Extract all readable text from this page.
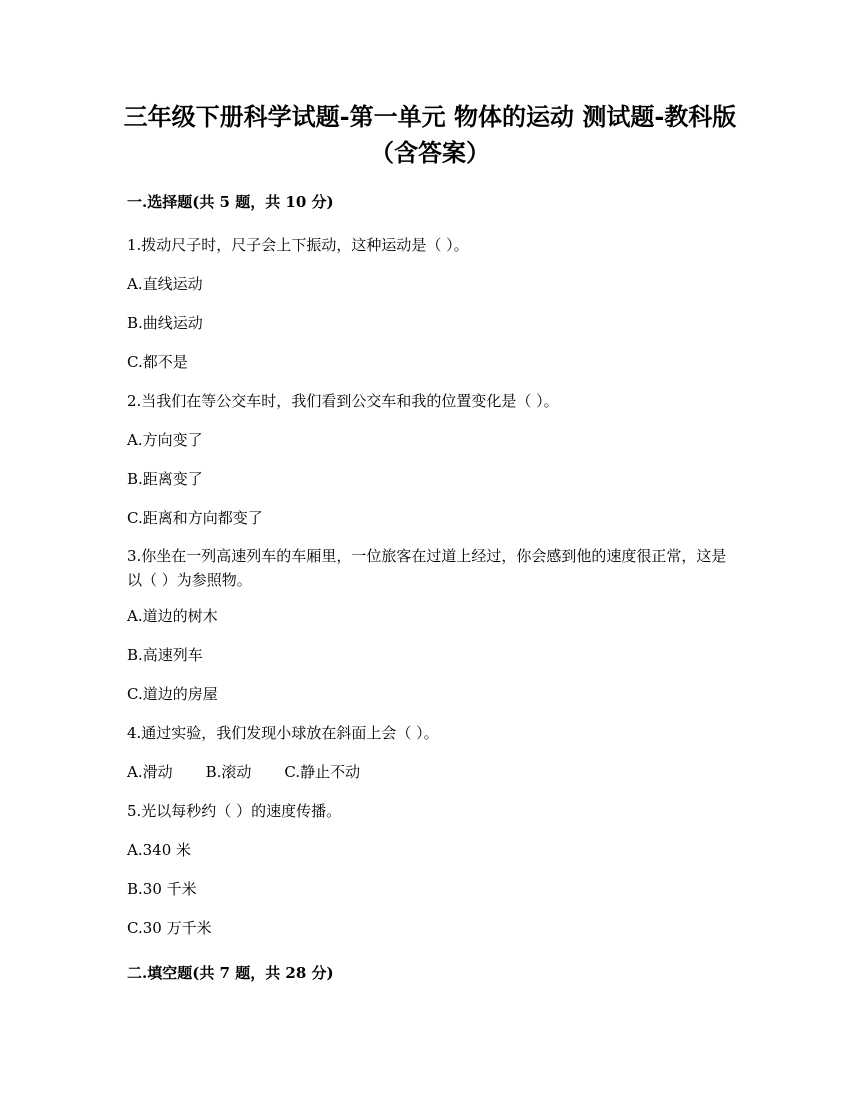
三年级下册科学试题-第一单元 物体的运动 测试题-教科版（含答案）

一.选择题(共 5 题，共 10 分)

1.拨动尺子时，尺子会上下振动，这种运动是（ ）。

A.直线运动

B.曲线运动

C.都不是

2.当我们在等公交车时，我们看到公交车和我的位置变化是（ ）。

A.方向变了

B.距离变了

C.距离和方向都变了

3.你坐在一列高速列车的车厢里，一位旅客在过道上经过，你会感到他的速度很正常，这是以（ ）为参照物。

A.道边的树木

B.高速列车

C.道边的房屋

4.通过实验，我们发现小球放在斜面上会（ ）。

A.滑动 B.滚动 C.静止不动

5.光以每秒约（ ）的速度传播。

A.340 米

B.30 千米

C.30 万千米

二.填空题(共 7 题，共 28 分)
